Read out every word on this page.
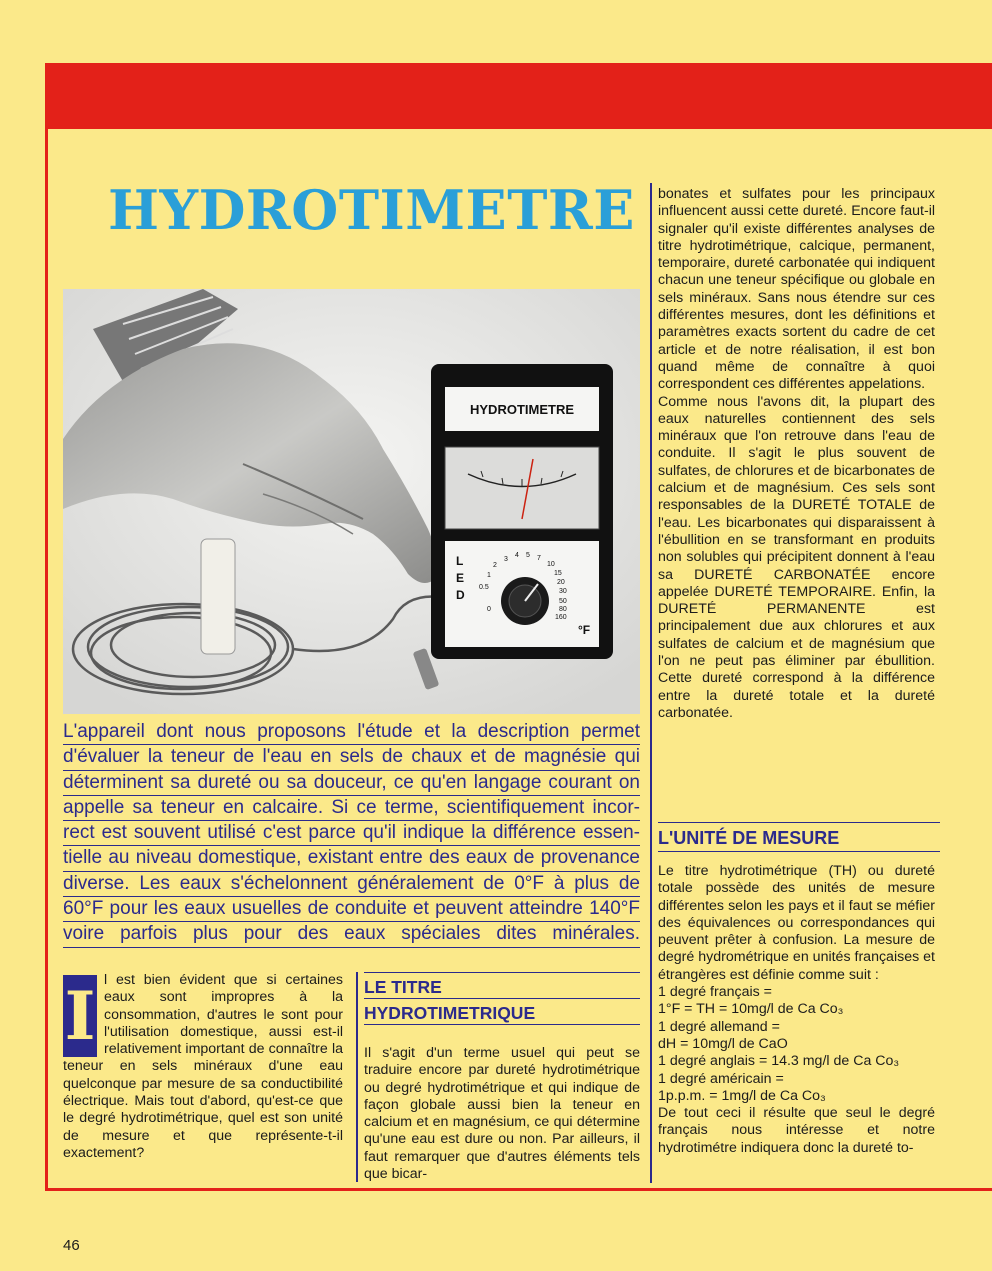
HYDROTIMETRE
HYDROTIMETRE
L
E
D
2
3
4 5 7
10
15
20
30
50
80
160
1
0.5
0
°F

L'appareil dont nous proposons l'étude et la description permet
d'évaluer la teneur de l'eau en sels de chaux et de magnésie qui
déterminent sa dureté ou sa douceur, ce qu'en langage courant on
appelle sa teneur en calcaire. Si ce terme, scientifiquement incor-
rect est souvent utilisé c'est parce qu'il indique la différence essen-
tielle au niveau domestique, existant entre des eaux de provenance
diverse. Les eaux s'échelonnent généralement de 0°F à plus de
60°F pour les eaux usuelles de conduite et peuvent atteindre 140°F
voire parfois plus pour des eaux spéciales dites minérales.

I l est bien évident que si certaines eaux sont impropres à la consommation, d'autres le sont pour l'utilisation domestique, aussi est-il relativement important de connaître la teneur en sels minéraux d'une eau quelconque par mesure de sa conductibilité électrique. Mais tout d'abord, qu'est-ce que le degré hydrotimétrique, quel est son unité de mesure et que représente-t-il exactement?

LE TITRE
HYDROTIMETRIQUE

Il s'agit d'un terme usuel qui peut se traduire encore par dureté hydrotimétrique ou degré hydrotimétrique et qui indique de façon globale aussi bien la teneur en calcium et en magnésium, ce qui détermine qu'une eau est dure ou non. Par ailleurs, il faut remarquer que d'autres éléments tels que bicar-

bonates et sulfates pour les principaux influencent aussi cette dureté. Encore faut-il signaler qu'il existe différentes analyses de titre hydrotimétrique, calcique, permanent, temporaire, dureté carbonatée qui indiquent chacun une teneur spécifique ou globale en sels minéraux. Sans nous étendre sur ces différentes mesures, dont les définitions et paramètres exacts sortent du cadre de cet article et de notre réalisation, il est bon quand même de connaître à quoi correspondent ces différentes appelations.

Comme nous l'avons dit, la plupart des eaux naturelles contiennent des sels minéraux que l'on retrouve dans l'eau de conduite. Il s'agit le plus souvent de sulfates, de chlorures et de bicarbonates de calcium et de magnésium. Ces sels sont responsables de la DURETÉ TOTALE de l'eau. Les bicarbonates qui disparaissent à l'ébullition en se transformant en produits non solubles qui précipitent donnent à l'eau sa DURETÉ CARBONATÉE encore appelée DURETÉ TEMPORAIRE. Enfin, la DURETÉ PERMANENTE est principalement due aux chlorures et aux sulfates de calcium et de magnésium que l'on ne peut pas éliminer par ébullition. Cette dureté correspond à la différence entre la dureté totale et la dureté carbonatée.

L'UNITÉ DE MESURE

Le titre hydrotimétrique (TH) ou dureté totale possède des unités de mesure différentes selon les pays et il faut se méfier des équivalences ou correspondances qui peuvent prêter à confusion. La mesure de degré hydrométrique en unités françaises et étrangères est définie comme suit :

1 degré français =
1°F = TH = 10mg/l de Ca Co₃
1 degré allemand =
dH = 10mg/l de CaO
1 degré anglais = 14.3 mg/l de Ca Co₃
1 degré américain =
1p.p.m. = 1mg/l de Ca Co₃

De tout ceci il résulte que seul le degré français nous intéresse et notre hydrotimétre indiquera donc la dureté to-

46
